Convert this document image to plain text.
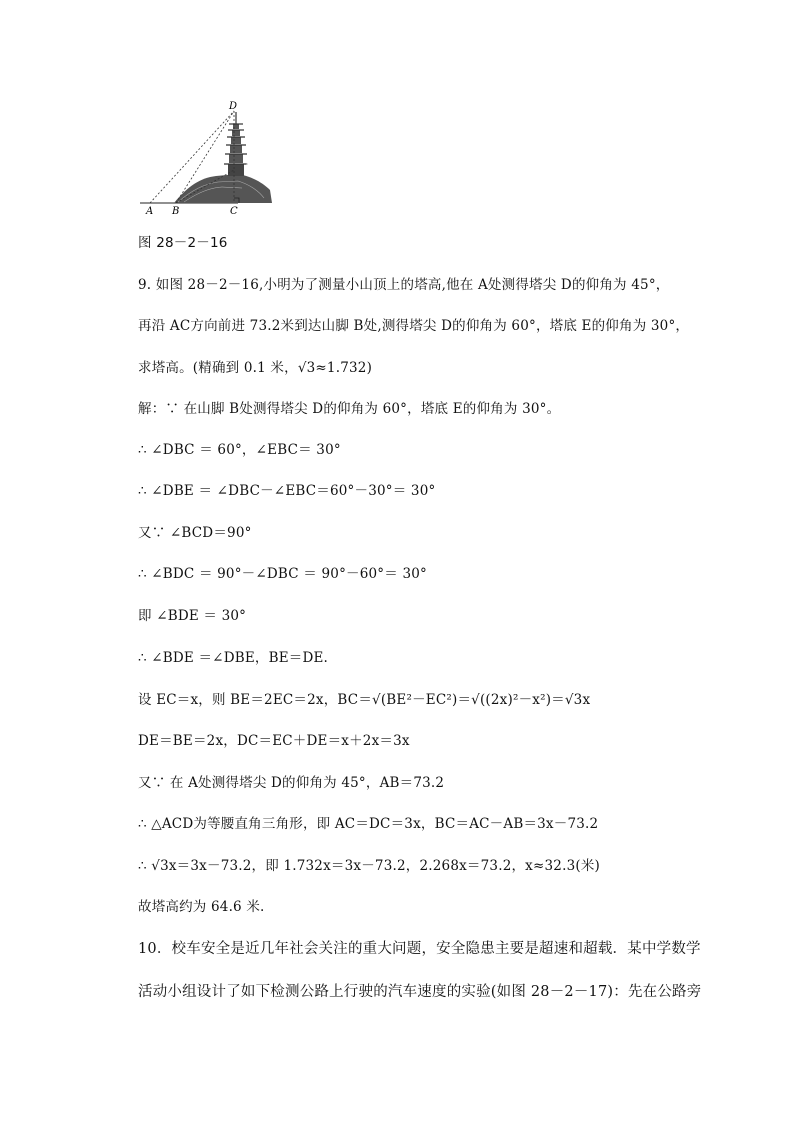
D
E
A B	C
图 28－2－16
9. 如图 28－2－16,小明为了测量小山顶上的塔高,他在 A处测得塔尖 D的仰角为 45°，
再沿 AC方向前进 73.2米到达山脚 B处,测得塔尖 D的仰角为 60°，塔底 E的仰角为 30°，
求塔高。(精确到 0.1 米，√3≈1.732)
解：∵ 在山脚 B处测得塔尖 D的仰角为 60°，塔底 E的仰角为 30°。
∴ ∠DBC ＝ 60°，∠EBC＝ 30°
∴ ∠DBE ＝ ∠DBC－∠EBC＝60°－30°＝ 30°
又∵ ∠BCD＝90°
∴ ∠BDC ＝ 90°－∠DBC ＝ 90°－60°＝ 30°
即 ∠BDE ＝ 30°
∴ ∠BDE ＝∠DBE，BE＝DE.
设 EC＝x，则 BE＝2EC＝2x，BC＝√(BE²－EC²)＝√((2x)²－x²)＝√3x
DE＝BE＝2x，DC＝EC＋DE＝x＋2x＝3x
又∵ 在 A处测得塔尖 D的仰角为 45°，AB＝73.2
∴ △ACD为等腰直角三角形，即 AC＝DC＝3x，BC＝AC－AB＝3x－73.2
∴ √3x＝3x－73.2，即 1.732x＝3x－73.2，2.268x＝73.2，x≈32.3(米)
故塔高约为 64.6 米.
10．校车安全是近几年社会关注的重大问题，安全隐患主要是超速和超载．某中学数学
活动小组设计了如下检测公路上行驶的汽车速度的实验(如图 28－2－17)：先在公路旁
